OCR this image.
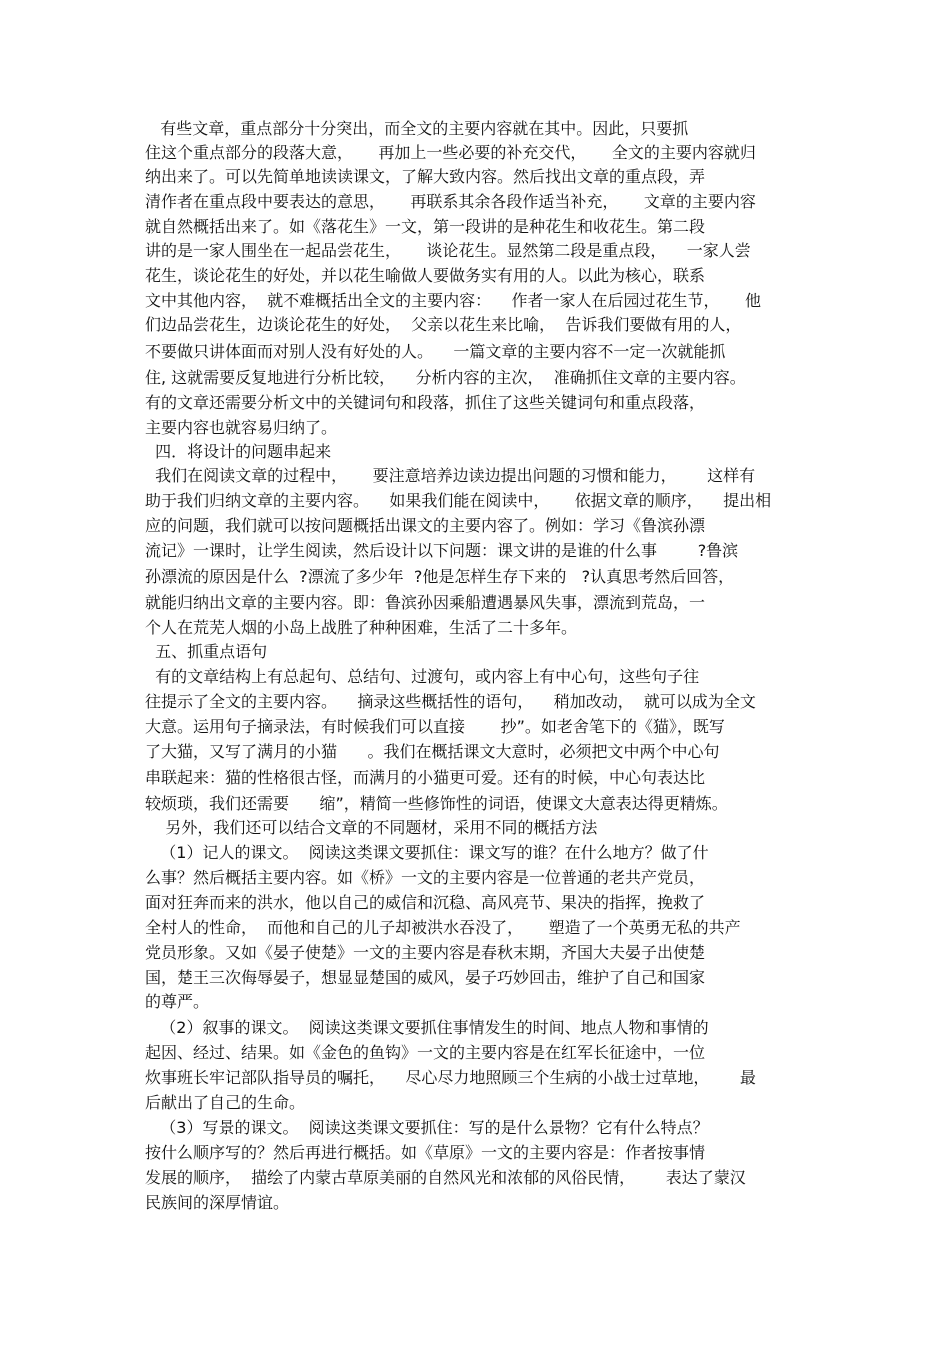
有些文章，重点部分十分突出，而全文的主要内容就在其中。因此，只要抓
住这个重点部分的段落大意，     再加上一些必要的补充交代，     全文的主要内容就归
纳出来了。可以先简单地读读课文，了解大致内容。然后找出文章的重点段，弄
清作者在重点段中要表达的意思，     再联系其余各段作适当补充，     文章的主要内容
就自然概括出来了。如《落花生》一文，第一段讲的是种花生和收花生。第二段
讲的是一家人围坐在一起品尝花生，     谈论花生。显然第二段是重点段，    一家人尝
花生，谈论花生的好处，并以花生喻做人要做务实有用的人。以此为核心，联系
文中其他内容，  就不难概括出全文的主要内容：    作者一家人在后园过花生节，     他
们边品尝花生，边谈论花生的好处，  父亲以花生来比喻，  告诉我们要做有用的人，
不要做只讲体面而对别人没有好处的人。    一篇文章的主要内容不一定一次就能抓
住, 这就需要反复地进行分析比较，    分析内容的主次，  准确抓住文章的主要内容。
有的文章还需要分析文中的关键词句和段落，抓住了这些关键词句和重点段落，
主要内容也就容易归纳了。
四．将设计的问题串起来
我们在阅读文章的过程中，     要注意培养边读边提出问题的习惯和能力，      这样有
助于我们归纳文章的主要内容。    如果我们能在阅读中，     依据文章的顺序，    提出相
应的问题，我们就可以按问题概括出课文的主要内容了。例如：学习《鲁滨孙漂
流记》一课时，让学生阅读，然后设计以下问题：课文讲的是谁的什么事        ?鲁滨
孙漂流的原因是什么  ?漂流了多少年  ?他是怎样生存下来的   ?认真思考然后回答，
就能归纳出文章的主要内容。即：鲁滨孙因乘船遭遇暴风失事，漂流到荒岛，一
个人在荒芜人烟的小岛上战胜了种种困难，生活了二十多年。
五、抓重点语句
有的文章结构上有总起句、总结句、过渡句，或内容上有中心句，这些句子往
往提示了全文的主要内容。    摘录这些概括性的语句，    稍加改动，  就可以成为全文
大意。运用句子摘录法，有时候我们可以直接       抄”。如老舍笔下的《猫》，既写
了大猫，又写了满月的小猫      。我们在概括课文大意时，必须把文中两个中心句
串联起来：猫的性格很古怪，而满月的小猫更可爱。还有的时候，中心句表达比
较烦琐，我们还需要      缩”，精简一些修饰性的词语，使课文大意表达得更精炼。
另外，我们还可以结合文章的不同题材，采用不同的概括方法
（1）记人的课文。  阅读这类课文要抓住：课文写的谁？在什么地方？做了什
么事？然后概括主要内容。如《桥》一文的主要内容是一位普通的老共产党员，
面对狂奔而来的洪水，他以自己的威信和沉稳、高风亮节、果决的指挥，挽救了
全村人的性命，  而他和自己的儿子却被洪水吞没了，     塑造了一个英勇无私的共产
党员形象。又如《晏子使楚》一文的主要内容是春秋末期，齐国大夫晏子出使楚
国，楚王三次侮辱晏子，想显显楚国的威风，晏子巧妙回击，维护了自己和国家
的尊严。
（2）叙事的课文。  阅读这类课文要抓住事情发生的时间、地点人物和事情的
起因、经过、结果。如《金色的鱼钩》一文的主要内容是在红军长征途中，一位
炊事班长牢记部队指导员的嘱托，    尽心尽力地照顾三个生病的小战士过草地，      最
后献出了自己的生命。
（3）写景的课文。  阅读这类课文要抓住：写的是什么景物？它有什么特点？
按什么顺序写的？然后再进行概括。如《草原》一文的主要内容是：作者按事情
发展的顺序，  描绘了内蒙古草原美丽的自然风光和浓郁的风俗民情，      表达了蒙汉
民族间的深厚情谊。
